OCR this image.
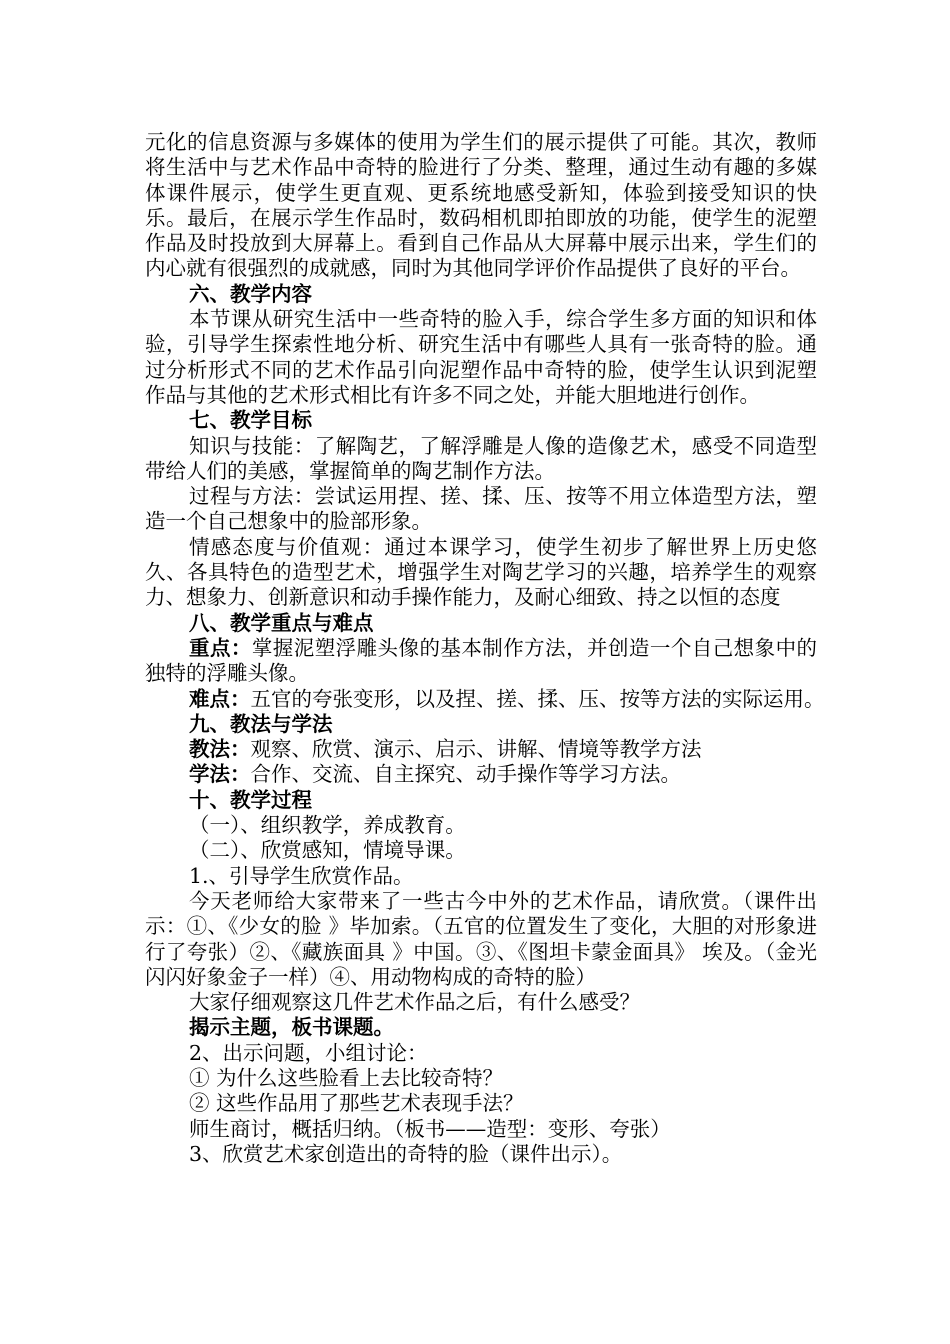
元化的信息资源与多媒体的使用为学生们的展示提供了可能。其次，教师将生活中与艺术作品中奇特的脸进行了分类、整理，通过生动有趣的多媒体课件展示，使学生更直观、更系统地感受新知，体验到接受知识的快乐。最后，在展示学生作品时，数码相机即拍即放的功能，使学生的泥塑作品及时投放到大屏幕上。看到自己作品从大屏幕中展示出来，学生们的内心就有很强烈的成就感，同时为其他同学评价作品提供了良好的平台。

六、教学内容

本节课从研究生活中一些奇特的脸入手，综合学生多方面的知识和体验，引导学生探索性地分析、研究生活中有哪些人具有一张奇特的脸。通过分析形式不同的艺术作品引向泥塑作品中奇特的脸，使学生认识到泥塑作品与其他的艺术形式相比有许多不同之处，并能大胆地进行创作。

七、教学目标

知识与技能：了解陶艺，了解浮雕是人像的造像艺术，感受不同造型带给人们的美感，掌握简单的陶艺制作方法。

过程与方法：尝试运用捏、搓、揉、压、按等不用立体造型方法，塑造一个自己想象中的脸部形象。

情感态度与价值观：通过本课学习，使学生初步了解世界上历史悠久、各具特色的造型艺术，增强学生对陶艺学习的兴趣，培养学生的观察力、想象力、创新意识和动手操作能力，及耐心细致、持之以恒的态度

八、教学重点与难点

重点：掌握泥塑浮雕头像的基本制作方法，并创造一个自己想象中的独特的浮雕头像。

难点：五官的夸张变形，以及捏、搓、揉、压、按等方法的实际运用。

九、教法与学法

教法：观察、欣赏、演示、启示、讲解、情境等教学方法

学法：合作、交流、自主探究、动手操作等学习方法。

十、教学过程

（一）、组织教学，养成教育。

（二）、欣赏感知，情境导课。

1.、引导学生欣赏作品。

今天老师给大家带来了一些古今中外的艺术作品，请欣赏。（课件出示：①、《少女的脸 》毕加索。（五官的位置发生了变化，大胆的对形象进行了夸张）②、《藏族面具 》中国。③、《图坦卡蒙金面具》 埃及。（金光闪闪好象金子一样）④、用动物构成的奇特的脸）

大家仔细观察这几件艺术作品之后，有什么感受？

揭示主题，板书课题。

2、出示问题，小组讨论：

① 为什么这些脸看上去比较奇特？

② 这些作品用了那些艺术表现手法？

师生商讨，概括归纳。（板书——造型：变形、夸张）

3、欣赏艺术家创造出的奇特的脸（课件出示）。
